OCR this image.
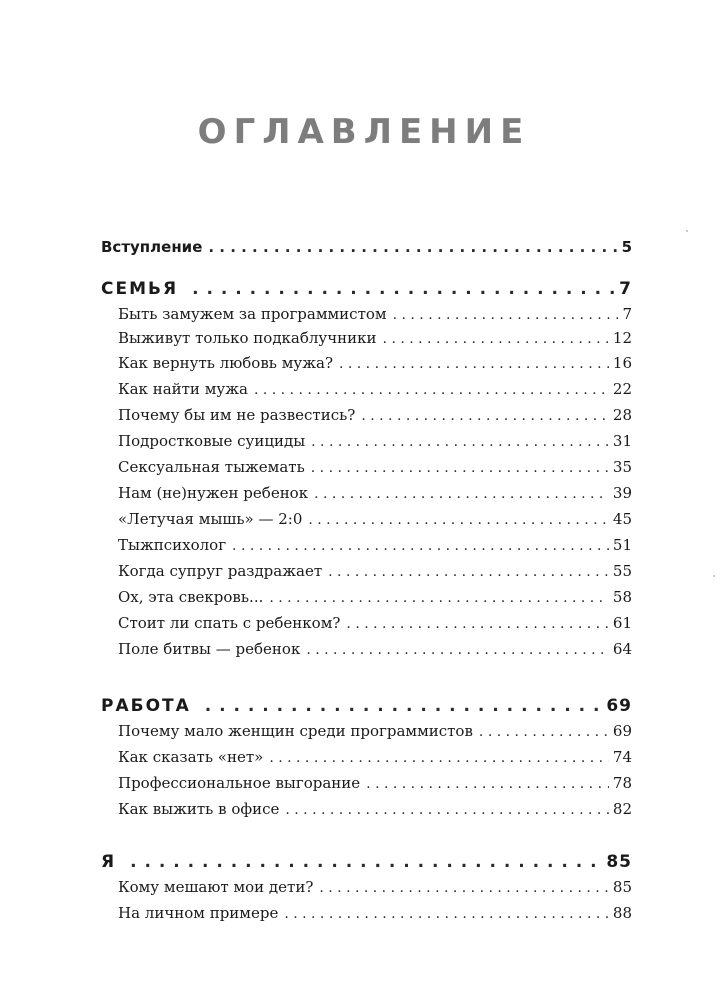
ОГЛАВЛЕНИЕ
Вступление . . .	5
СЕМЬЯ . . .	7
Быть замужем за программистом . . .	7
Выживут только подкаблучники . . .	12
Как вернуть любовь мужа? . . .	16
Как найти мужа . . .	22
Почему бы им не развестись? . . .	28
Подростковые суициды . . .	31
Сексуальная тыжемать . . .	35
Нам (не)нужен ребенок . . .	39
«Летучая мышь» — 2:0 . . .	45
Тыжпсихолог . . .	51
Когда супруг раздражает . . .	55
Ох, эта свекровь... . . .	58
Стоит ли спать с ребенком? . . .	61
Поле битвы — ребенок . . .	64
РАБОТА . . .	69
Почему мало женщин среди программистов . . .	69
Как сказать «нет» . . .	74
Профессиональное выгорание . . .	78
Как выжить в офисе . . .	82
Я . . .	85
Кому мешают мои дети? . . .	85
На личном примере . . .	88
